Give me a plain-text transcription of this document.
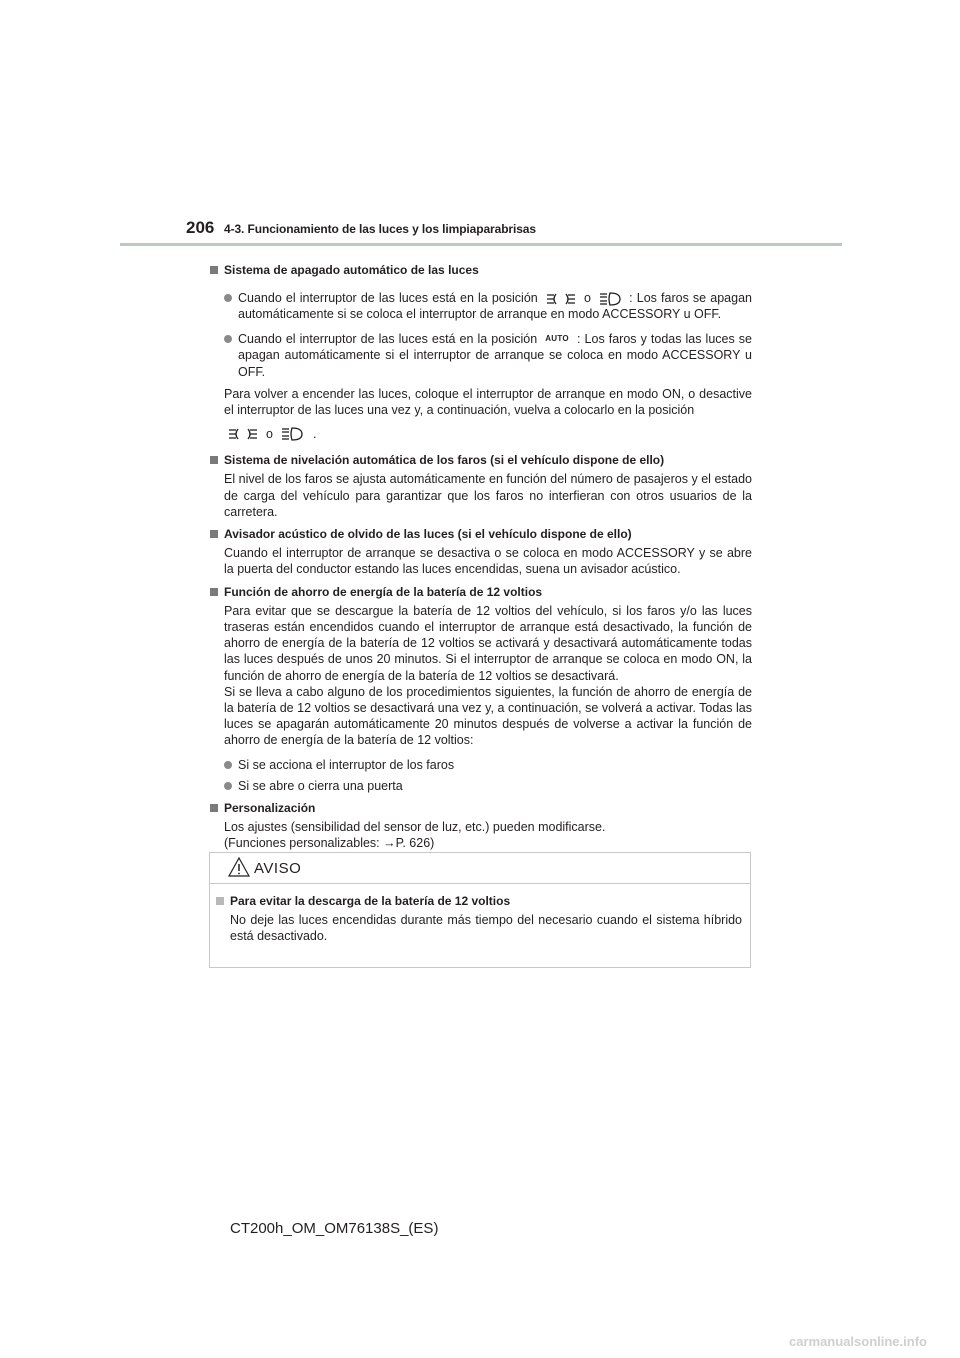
206 4-3. Funcionamiento de las luces y los limpiaparabrisas
Sistema de apagado automático de las luces
Cuando el interruptor de las luces está en la posición	o	: Los faros se apagan automáticamente si se coloca el interruptor de arranque en modo ACCESSORY u OFF.
Cuando el interruptor de las luces está en la posición AUTO : Los faros y todas las luces se apagan automáticamente si el interruptor de arranque se coloca en modo ACCESSORY u OFF.
Para volver a encender las luces, coloque el interruptor de arranque en modo ON, o desactive el interruptor de las luces una vez y, a continuación, vuelva a colocarlo en la posición
o	.
Sistema de nivelación automática de los faros (si el vehículo dispone de ello)
El nivel de los faros se ajusta automáticamente en función del número de pasajeros y el estado de carga del vehículo para garantizar que los faros no interfieran con otros usuarios de la carretera.
Avisador acústico de olvido de las luces (si el vehículo dispone de ello)
Cuando el interruptor de arranque se desactiva o se coloca en modo ACCESSORY y se abre la puerta del conductor estando las luces encendidas, suena un avisador acústico.
Función de ahorro de energía de la batería de 12 voltios
Para evitar que se descargue la batería de 12 voltios del vehículo, si los faros y/o las luces traseras están encendidos cuando el interruptor de arranque está desactivado, la función de ahorro de energía de la batería de 12 voltios se activará y desactivará automáticamente todas las luces después de unos 20 minutos. Si el interruptor de arranque se coloca en modo ON, la función de ahorro de energía de la batería de 12 voltios se desactivará.
Si se lleva a cabo alguno de los procedimientos siguientes, la función de ahorro de energía de la batería de 12 voltios se desactivará una vez y, a continuación, se volverá a activar. Todas las luces se apagarán automáticamente 20 minutos después de volverse a activar la función de ahorro de energía de la batería de 12 voltios:
Si se acciona el interruptor de los faros
Si se abre o cierra una puerta
Personalización
Los ajustes (sensibilidad del sensor de luz, etc.) pueden modificarse.
(Funciones personalizables: →P. 626)
AVISO
Para evitar la descarga de la batería de 12 voltios
No deje las luces encendidas durante más tiempo del necesario cuando el sistema híbrido está desactivado.
CT200h_OM_OM76138S_(ES)
carmanualsonline.info
